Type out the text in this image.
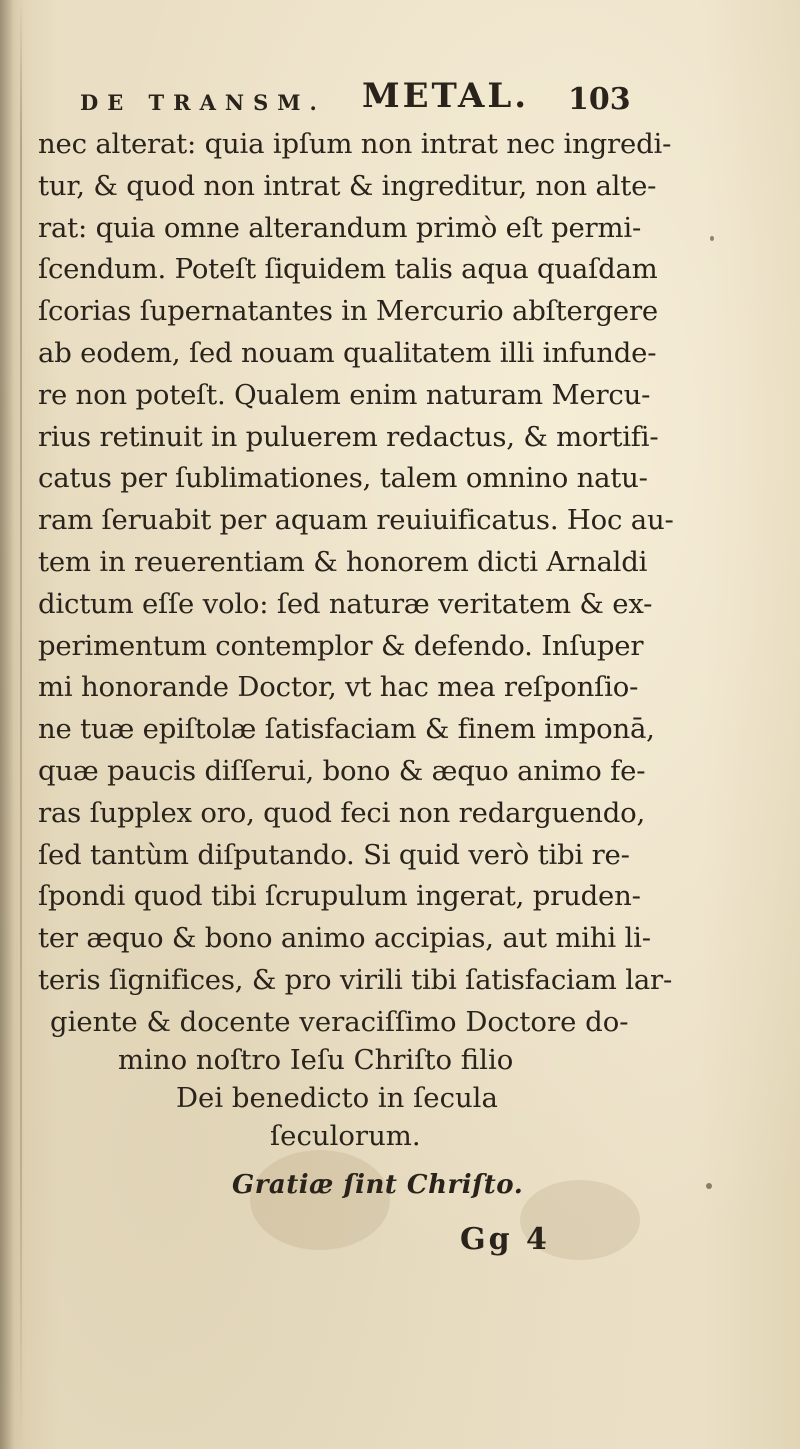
DE TRANSM. METAL. 103
nec alterat: quia ipſum non intrat nec ingredi-
tur, & quod non intrat & ingreditur, non alte-
rat: quia omne alterandum primò eſt permi-
ſcendum. Poteſt ſiquidem talis aqua quaſdam
ſcorias ſupernatantes in Mercurio abſtergere
ab eodem, ſed nouam qualitatem illi infunde-
re non poteſt. Qualem enim naturam Mercu-
rius retinuit in puluerem redactus, & mortifi-
catus per ſublimationes, talem omnino natu-
ram ſeruabit per aquam reuiuificatus. Hoc au-
tem in reuerentiam & honorem dicti Arnaldi
dictum eſſe volo: ſed naturæ veritatem & ex-
perimentum contemplor & defendo. Inſuper
mi honorande Doctor, vt hac mea reſponſio-
ne tuæ epiſtolæ ſatisfaciam & finem imponā,
quæ paucis diſſerui, bono & æquo animo fe-
ras ſupplex oro, quod feci non redarguendo,
ſed tantùm diſputando. Si quid verò tibi re-
ſpondi quod tibi ſcrupulum ingerat, pruden-
ter æquo & bono animo accipias, aut mihi li-
teris ſignifices, & pro virili tibi ſatisfaciam lar-
giente & docente veraciſſimo Doctore do-
mino noſtro Ieſu Chriſto filio
Dei benedicto in ſecula
ſeculorum.
Gratiæ ſint Chriſto.
Gg 4
